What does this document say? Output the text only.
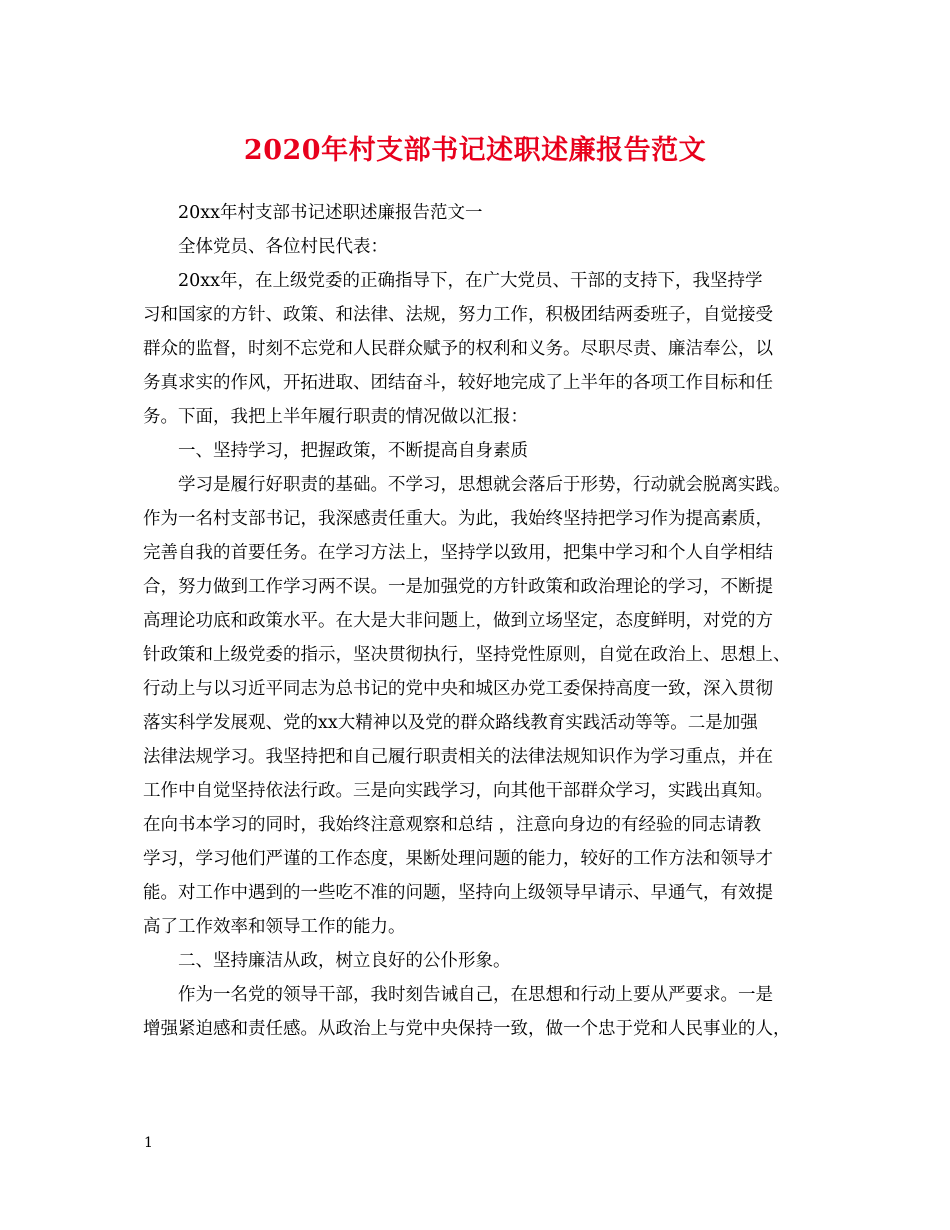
2020年村支部书记述职述廉报告范文
20xx年村支部书记述职述廉报告范文一
全体党员、各位村民代表：
20xx年，在上级党委的正确指导下，在广大党员、干部的支持下，我坚持学
习和国家的方针、政策、和法律、法规，努力工作，积极团结两委班子，自觉接受
群众的监督，时刻不忘党和人民群众赋予的权利和义务。尽职尽责、廉洁奉公，以
务真求实的作风，开拓进取、团结奋斗，较好地完成了上半年的各项工作目标和任
务。下面，我把上半年履行职责的情况做以汇报：
一、坚持学习，把握政策，不断提高自身素质
学习是履行好职责的基础。不学习，思想就会落后于形势，行动就会脱离实践。
作为一名村支部书记，我深感责任重大。为此，我始终坚持把学习作为提高素质，
完善自我的首要任务。在学习方法上，坚持学以致用，把集中学习和个人自学相结
合，努力做到工作学习两不误。一是加强党的方针政策和政治理论的学习，不断提
高理论功底和政策水平。在大是大非问题上，做到立场坚定，态度鲜明，对党的方
针政策和上级党委的指示，坚决贯彻执行，坚持党性原则，自觉在政治上、思想上、
行动上与以习近平同志为总书记的党中央和城区办党工委保持高度一致，深入贯彻
落实科学发展观、党的xx大精神以及党的群众路线教育实践活动等等。二是加强
法律法规学习。我坚持把和自己履行职责相关的法律法规知识作为学习重点，并在
工作中自觉坚持依法行政。三是向实践学习，向其他干部群众学习，实践出真知。
在向书本学习的同时，我始终注意观察和总结 ，注意向身边的有经验的同志请教
学习，学习他们严谨的工作态度，果断处理问题的能力，较好的工作方法和领导才
能。对工作中遇到的一些吃不准的问题，坚持向上级领导早请示、早通气，有效提
高了工作效率和领导工作的能力。
二、坚持廉洁从政，树立良好的公仆形象。
作为一名党的领导干部，我时刻告诫自己，在思想和行动上要从严要求。一是
增强紧迫感和责任感。从政治上与党中央保持一致，做一个忠于党和人民事业的人，
1
